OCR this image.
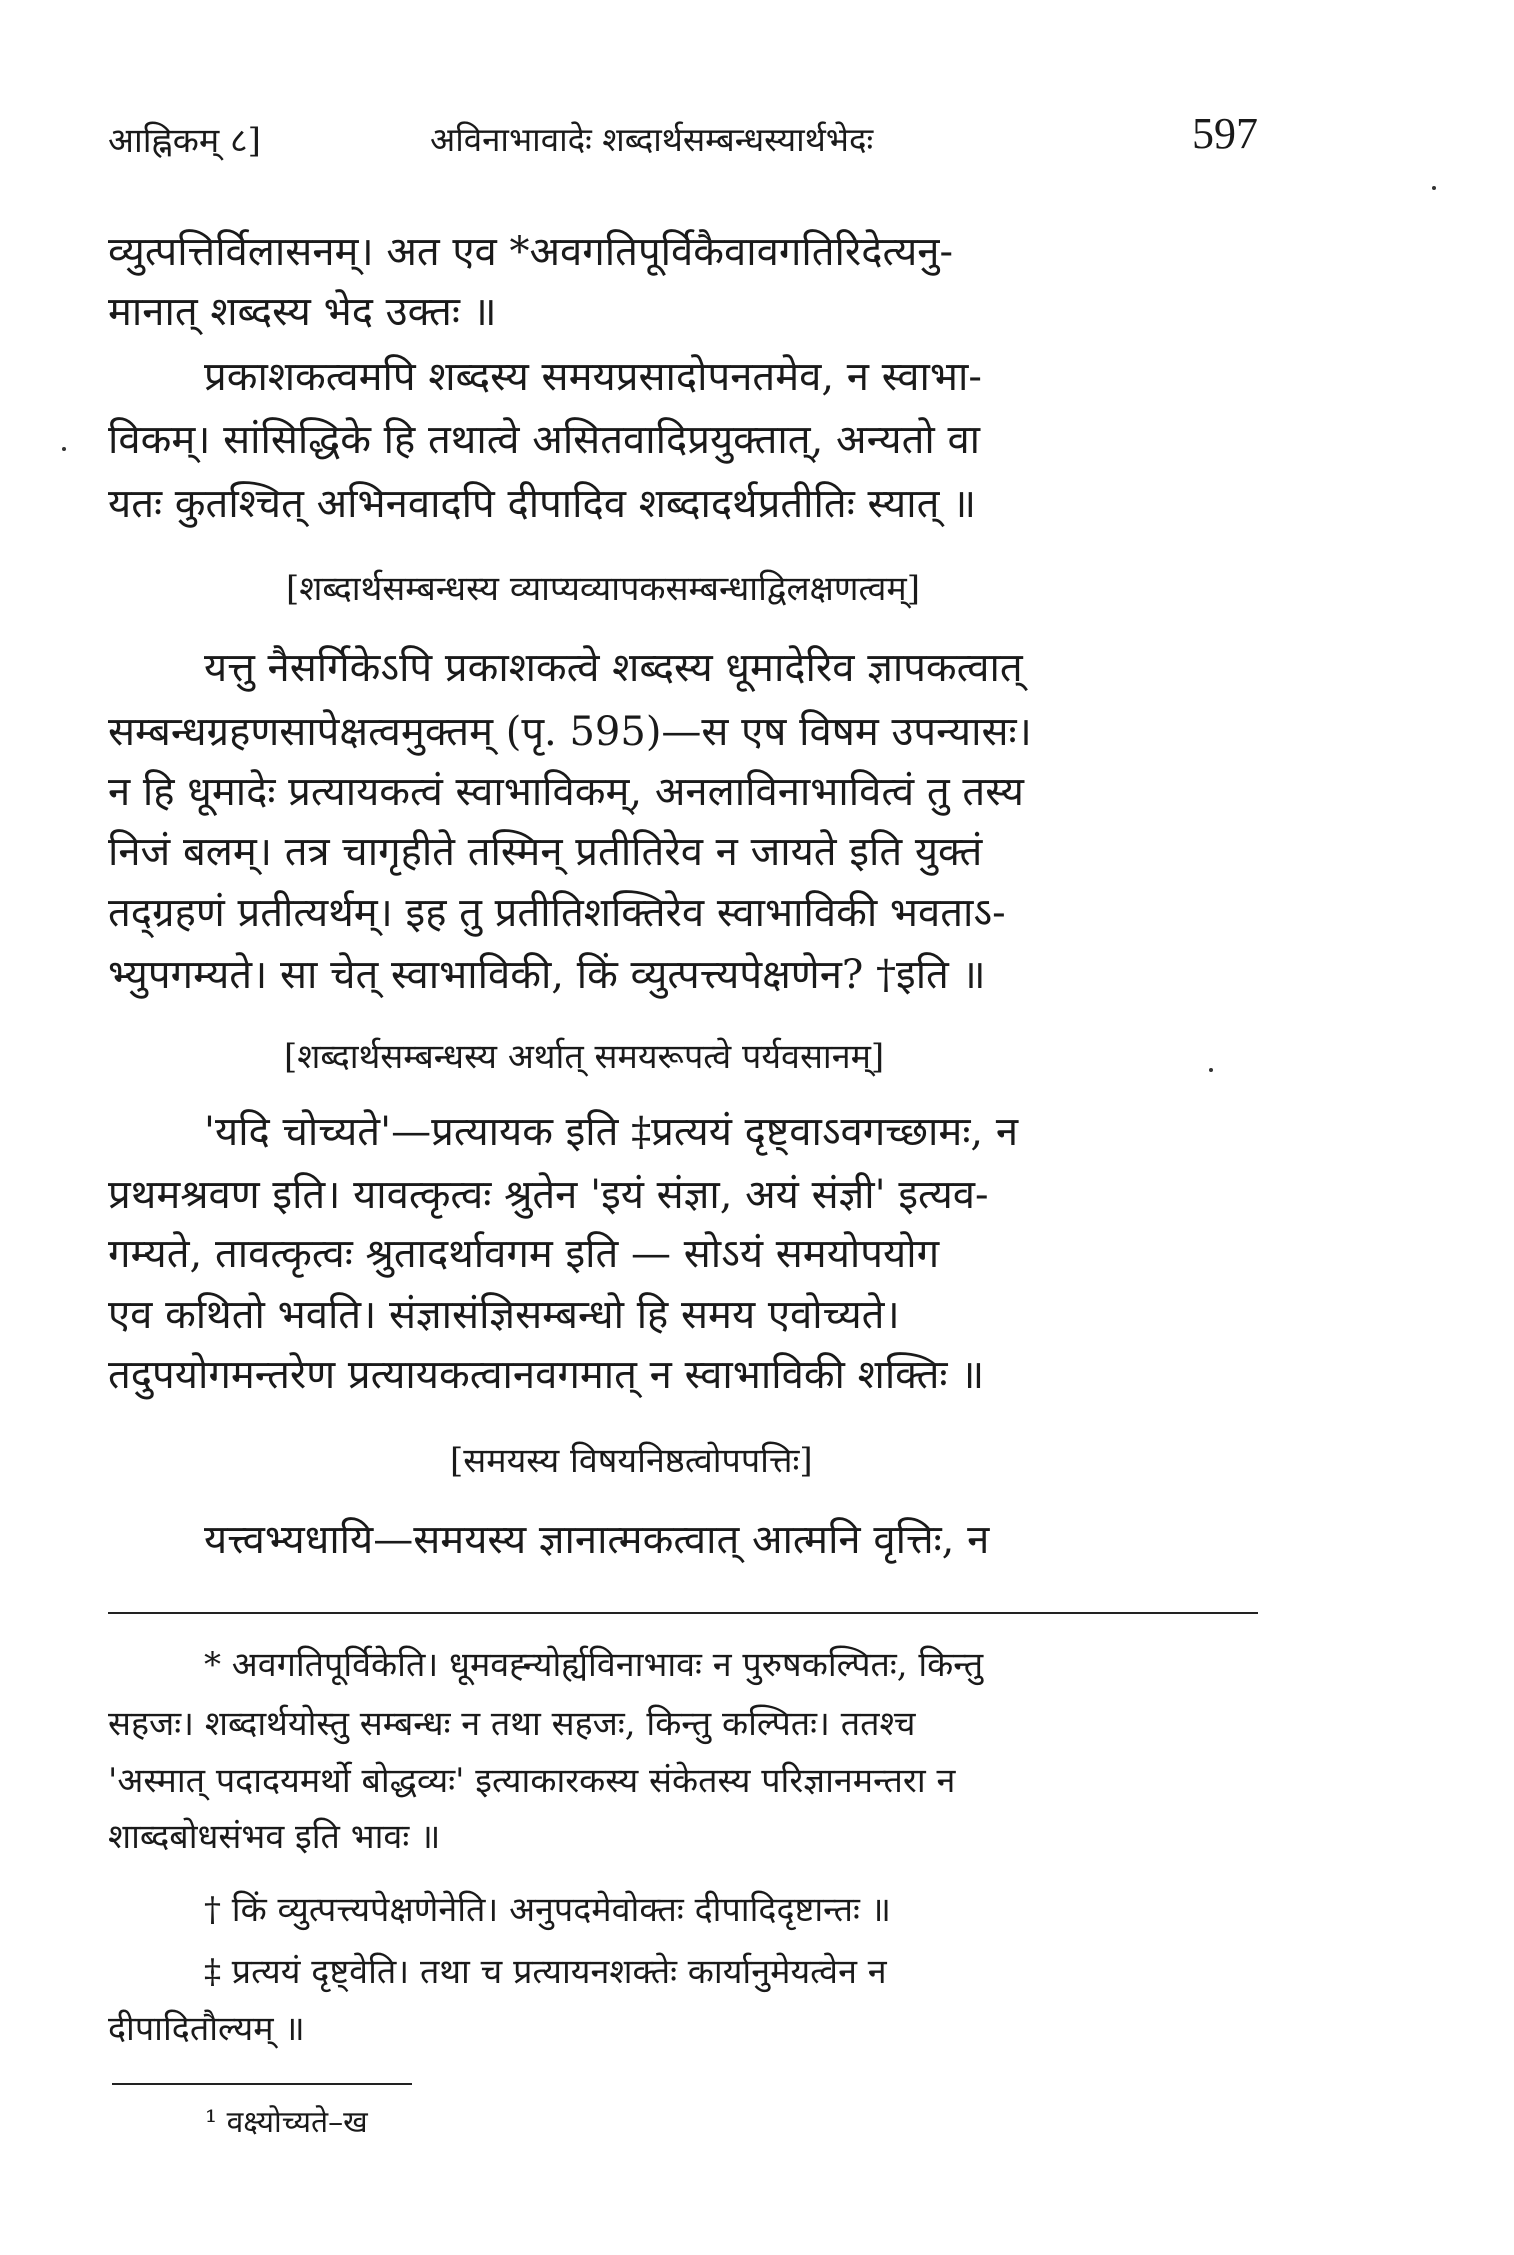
आह्निकम् ८]	अविनाभावादेः शब्दार्थसम्बन्धस्यार्थभेदः	597
व्युत्पत्तिर्विलासनम्। अत एव *अवगतिपूर्विकैवावगतिरिदेत्यनु-
मानात् शब्दस्य भेद उक्तः ॥
प्रकाशकत्वमपि शब्दस्य समयप्रसादोपनतमेव, न स्वाभा-
विकम्। सांसिद्धिके हि तथात्वे असितवादिप्रयुक्तात्, अन्यतो वा
यतः कुतश्चित् अभिनवादपि दीपादिव शब्दादर्थप्रतीतिः स्यात् ॥
[शब्दार्थसम्बन्धस्य व्याप्यव्यापकसम्बन्धाद्विलक्षणत्वम्]
यत्तु नैसर्गिकेऽपि प्रकाशकत्वे शब्दस्य धूमादेरिव ज्ञापकत्वात्
सम्बन्धग्रहणसापेक्षत्वमुक्तम् (पृ. 595)—स एष विषम उपन्यासः।
न हि धूमादेः प्रत्यायकत्वं स्वाभाविकम्, अनलाविनाभावित्वं तु तस्य
निजं बलम्। तत्र चागृहीते तस्मिन् प्रतीतिरेव न जायते इति युक्तं
तद्ग्रहणं प्रतीत्यर्थम्। इह तु प्रतीतिशक्तिरेव स्वाभाविकी भवताऽ-
भ्युपगम्यते। सा चेत् स्वाभाविकी, किं व्युत्पत्त्यपेक्षणेन? †इति ॥
[शब्दार्थसम्बन्धस्य अर्थात् समयरूपत्वे पर्यवसानम्]
'यदि चोच्यते'—प्रत्यायक इति ‡प्रत्ययं दृष्ट्वाऽवगच्छामः, न
प्रथमश्रवण इति। यावत्कृत्वः श्रुतेन 'इयं संज्ञा, अयं संज्ञी' इत्यव-
गम्यते, तावत्कृत्वः श्रुतादर्थावगम इति — सोऽयं समयोपयोग
एव कथितो भवति। संज्ञासंज्ञिसम्बन्धो हि समय एवोच्यते।
तदुपयोगमन्तरेण प्रत्यायकत्वानवगमात् न स्वाभाविकी शक्तिः ॥
[समयस्य विषयनिष्ठत्वोपपत्तिः]
यत्त्वभ्यधायि—समयस्य ज्ञानात्मकत्वात् आत्मनि वृत्तिः, न
* अवगतिपूर्विकेति। धूमवह्न्योर्ह्यविनाभावः न पुरुषकल्पितः, किन्तु
सहजः। शब्दार्थयोस्तु सम्बन्धः न तथा सहजः, किन्तु कल्पितः। ततश्च
'अस्मात् पदादयमर्थो बोद्धव्यः' इत्याकारकस्य संकेतस्य परिज्ञानमन्तरा न
शाब्दबोधसंभव इति भावः ॥
† किं व्युत्पत्त्यपेक्षणेनेति। अनुपदमेवोक्तः दीपादिदृष्टान्तः ॥
‡ प्रत्ययं दृष्ट्वेति। तथा च प्रत्यायनशक्तेः कार्यानुमेयत्वेन न
दीपादितौल्यम् ॥
¹ वक्ष्योच्यते–ख
